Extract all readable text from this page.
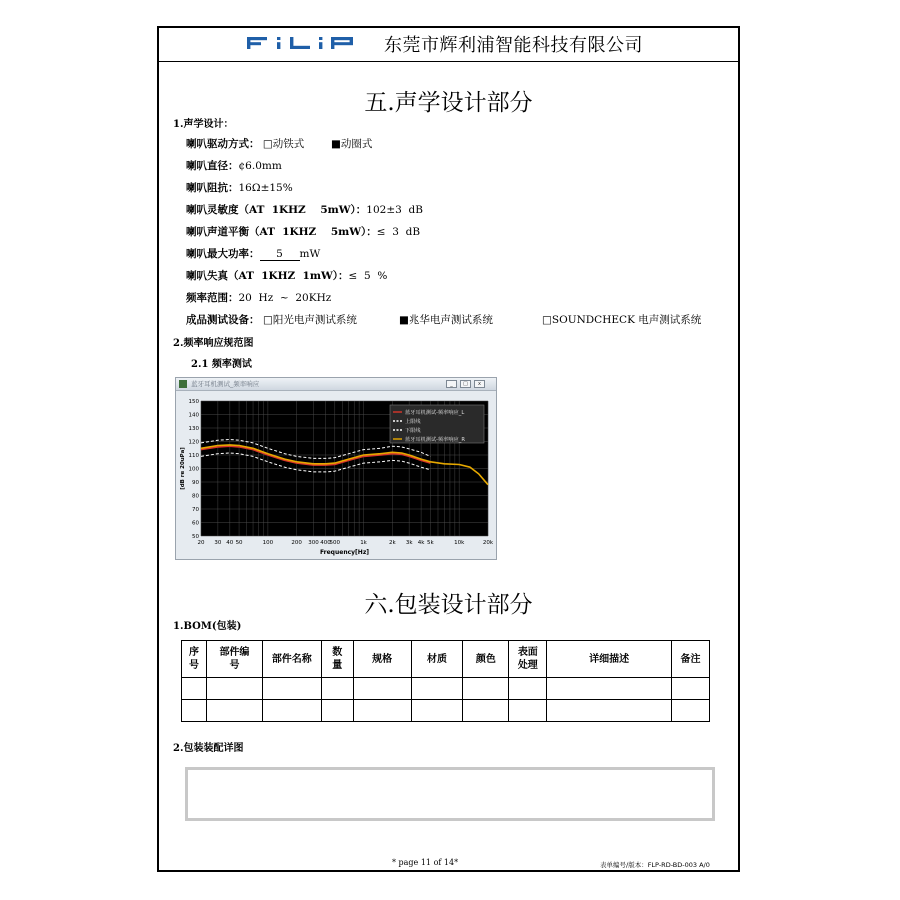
东莞市辉利浦智能科技有限公司
五.声学设计部分
1.声学设计：
喇叭驱动方式： □动铁式	■动圈式
喇叭直径：¢6.0mm
喇叭阻抗：16Ω±15%
喇叭灵敏度（AT  1KHZ    5mW）：102±3  dB
喇叭声道平衡（AT  1KHZ    5mW）：≤  3  dB
喇叭最大功率： 5 mW
喇叭失真（AT  1KHZ  1mW）：≤  5  %
频率范围：20  Hz  ~  20KHz
成品测试设备： □阳光电声测试系统	■兆华电声测试系统	□SOUNDCHECK 电声测试系统
2.频率响应规范图
2.1 频率测试
蓝牙耳机测试_频率响应	_	□	x
50
60
70
80
90
100
110
120
130
140
150
20 30 40 50	100	200 300 400
500	1k	2k 3k 4k 5k	10k	20k
Frequency[Hz]
[dB re 20uPa]
蓝牙耳机测试-频率响应_L
上限线
下限线
蓝牙耳机测试-频率响应_R
六.包装设计部分
1.BOM(包装)
序号	部件编号	部件名称	数量	规格	材质	颜色	表面处理	详细描述	备注

2.包装装配详图
* page 11 of 14*	表单编号/版本：FLP-RD-BD-003 A/0
